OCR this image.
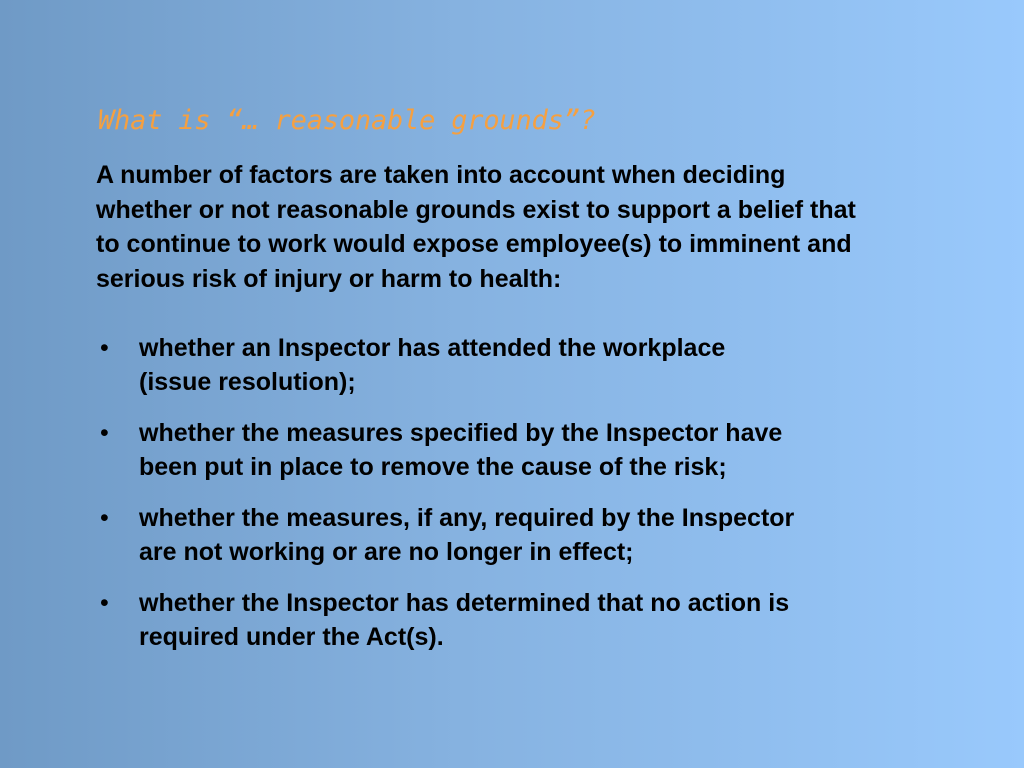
What is “… reasonable grounds”?

A number of factors are taken into account when deciding
whether or not reasonable grounds exist to support a belief that
to continue to work would expose employee(s) to imminent and
serious risk of injury or harm to health:

•	whether an Inspector has attended the workplace
(issue resolution);
•	whether the measures specified by the Inspector have
been put in place to remove the cause of the risk;
•	whether the measures, if any, required by the Inspector
are not working or are no longer in effect;
•	whether the Inspector has determined that no action is
required under the Act(s).
